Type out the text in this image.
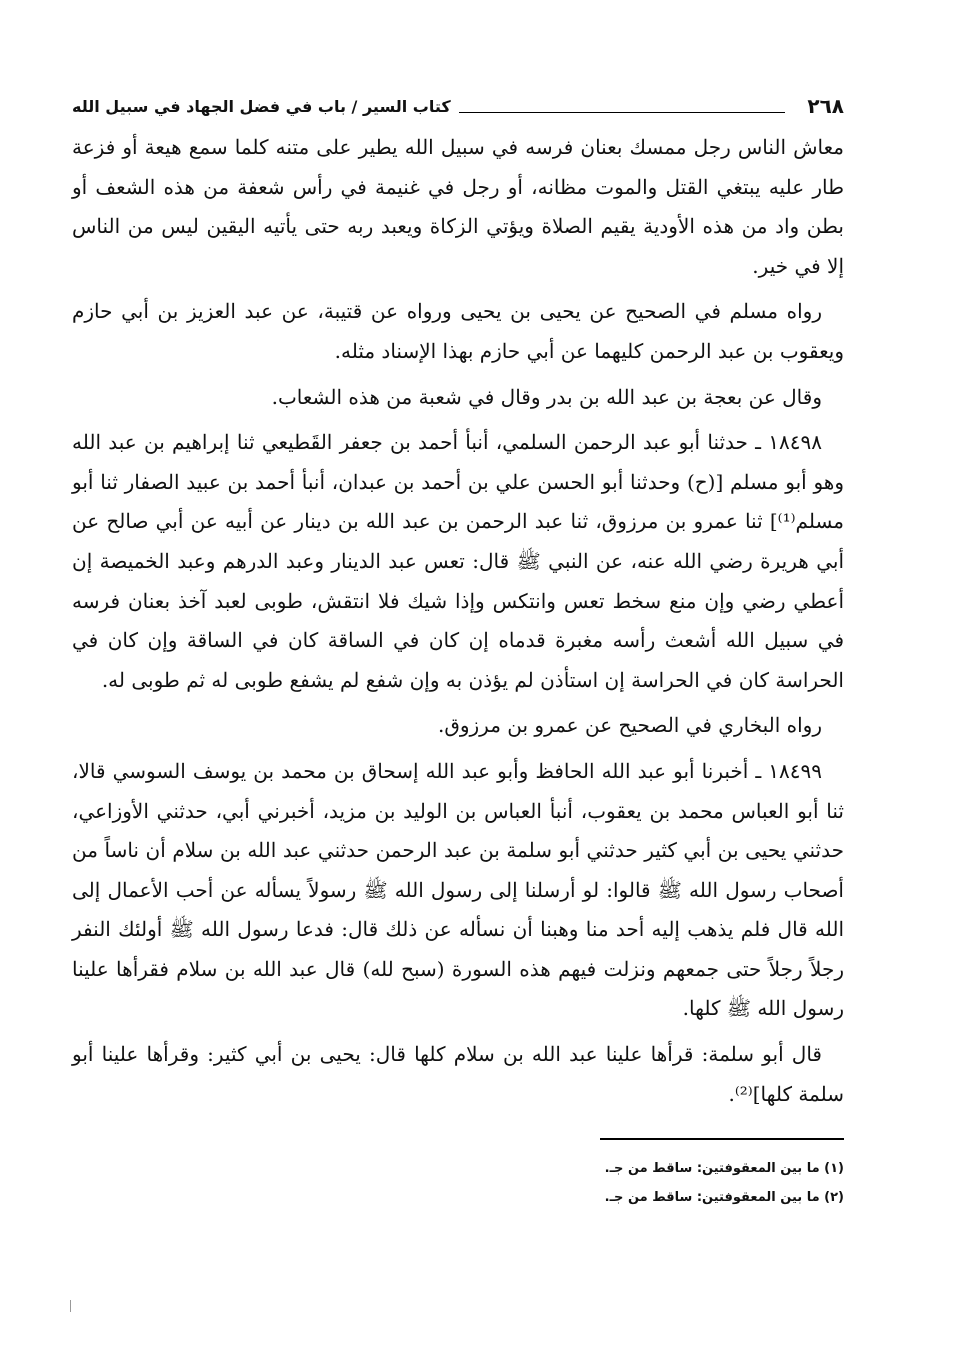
٢٦٨
كتاب السير / باب في فضل الجهاد في سبيل الله

معاش الناس رجل ممسك بعنان فرسه في سبيل الله يطير على متنه كلما سمع هيعة أو فزعة طار عليه يبتغي القتل والموت مظانه، أو رجل في غنيمة في رأس شعفة من هذه الشعف أو بطن واد من هذه الأودية يقيم الصلاة ويؤتي الزكاة ويعبد ربه حتى يأتيه اليقين ليس من الناس إلا في خير.

رواه مسلم في الصحيح عن يحيى بن يحيى ورواه عن قتيبة، عن عبد العزيز بن أبي حازم ويعقوب بن عبد الرحمن كليهما عن أبي حازم بهذا الإسناد مثله.

وقال عن بعجة بن عبد الله بن بدر وقال في شعبة من هذه الشعاب.

١٨٤٩٨ ـ حدثنا أبو عبد الرحمن السلمي، أنبأ أحمد بن جعفر القَطيعي ثنا إبراهيم بن عبد الله وهو أبو مسلم [(ح) وحدثنا أبو الحسن علي بن أحمد بن عبدان، أنبأ أحمد بن عبيد الصفار ثنا أبو مسلم⁽¹⁾] ثنا عمرو بن مرزوق، ثنا عبد الرحمن بن عبد الله بن دينار عن أبيه عن أبي صالح عن أبي هريرة رضي الله عنه، عن النبي ﷺ قال: تعس عبد الدينار وعبد الدرهم وعبد الخميصة إن أعطي رضي وإن منع سخط تعس وانتكس وإذا شيك فلا انتقش، طوبى لعبد آخذ بعنان فرسه في سبيل الله أشعث رأسه مغبرة قدماه إن كان في الساقة كان في الساقة وإن كان في الحراسة كان في الحراسة إن استأذن لم يؤذن به وإن شفع لم يشفع طوبى له ثم طوبى له.

رواه البخاري في الصحيح عن عمرو بن مرزوق.

١٨٤٩٩ ـ أخبرنا أبو عبد الله الحافظ وأبو عبد الله إسحاق بن محمد بن يوسف السوسي قالا، ثنا أبو العباس محمد بن يعقوب، أنبأ العباس بن الوليد بن مزيد، أخبرني أبي، حدثني الأوزاعي، حدثني يحيى بن أبي كثير حدثني أبو سلمة بن عبد الرحمن حدثني عبد الله بن سلام أن ناساً من أصحاب رسول الله ﷺ قالوا: لو أرسلنا إلى رسول الله ﷺ رسولاً يسأله عن أحب الأعمال إلى الله قال فلم يذهب إليه أحد منا وهبنا أن نسأله عن ذلك قال: فدعا رسول الله ﷺ أولئك النفر رجلاً رجلاً حتى جمعهم ونزلت فيهم هذه السورة (سبح لله) قال عبد الله بن سلام فقرأها علينا رسول الله ﷺ كلها.

قال أبو سلمة: قرأها علينا عبد الله بن سلام كلها قال: يحيى بن أبي كثير: وقرأها علينا أبو سلمة كلها]⁽²⁾.

(١) ما بين المعقوفتين: ساقط من جـ.
(٢) ما بين المعقوفتين: ساقط من جـ.
